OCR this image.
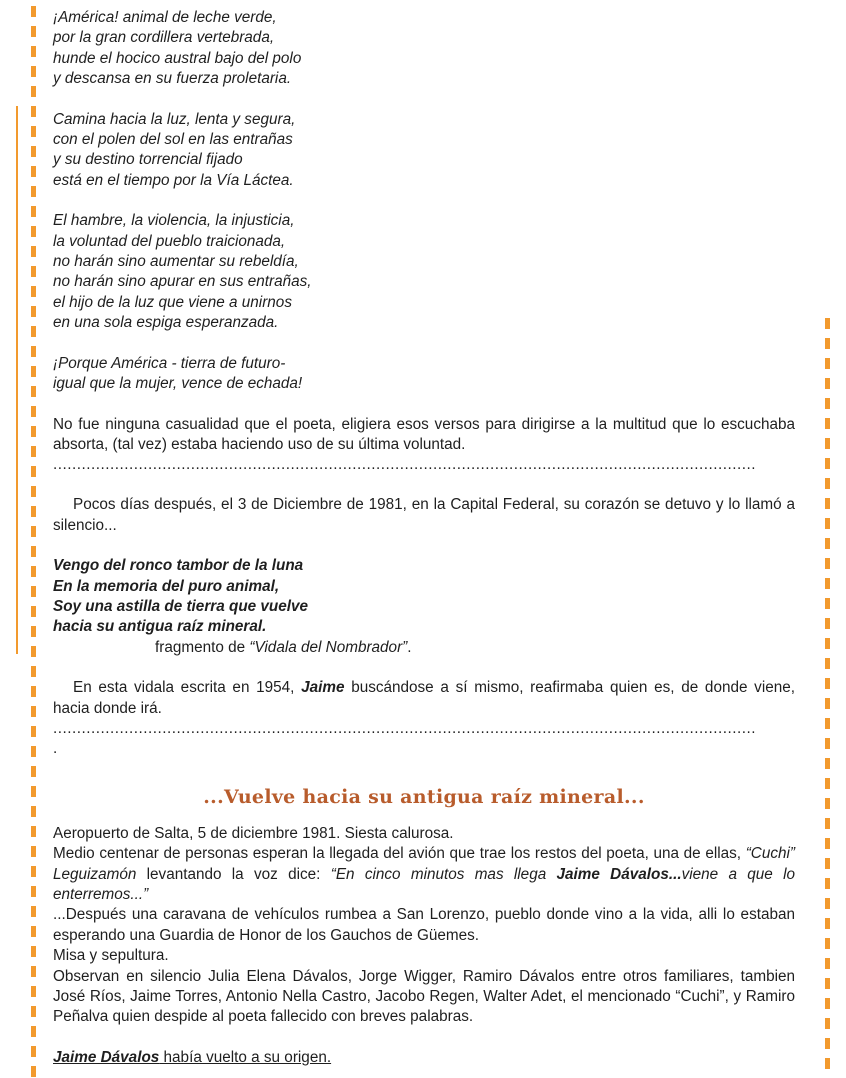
¡América! animal de leche verde,
por la gran cordillera vertebrada,
hunde el hocico austral bajo del polo
y descansa en su fuerza proletaria.
Camina hacia la luz, lenta y segura,
con el polen del sol en las entrañas
y su destino torrencial fijado
está en el tiempo por la Vía Láctea.
El hambre, la violencia, la injusticia,
la voluntad del pueblo traicionada,
no harán sino aumentar su rebeldía,
no harán sino apurar en sus entrañas,
el hijo de la luz que viene a unirnos
en una sola espiga esperanzada.
¡Porque América - tierra de futuro-
igual que la mujer, vence de echada!

No fue ninguna casualidad que el poeta, eligiera esos versos para dirigirse a la multitud que lo escuchaba absorta, (tal vez) estaba haciendo uso de su última voluntad.

....................................................................................................................................................

Pocos días después, el 3 de Diciembre de 1981, en la Capital Federal, su corazón se detuvo y lo llamó a silencio...

Vengo del ronco tambor de la luna
En la memoria del puro animal,
Soy una astilla de tierra que vuelve
hacia su antigua raíz mineral.
fragmento de “Vidala del Nombrador”.

En esta vidala escrita en 1954, Jaime buscándose a sí mismo, reafirmaba quien es, de donde viene, hacia donde irá.

....................................................................................................................................................
.
...Vuelve hacia su antigua raíz mineral...
Aeropuerto de Salta, 5 de diciembre 1981. Siesta calurosa.

Medio centenar de personas esperan la llegada del avión que trae los restos del poeta, una de ellas, “Cuchi” Leguizamón levantando la voz dice: “En cinco minutos mas llega Jaime Dávalos...viene a que lo enterremos...”

...Después una caravana de vehículos rumbea a San Lorenzo, pueblo donde vino a la vida, alli lo estaban esperando una Guardia de Honor de los Gauchos de Güemes.

Misa y sepultura.

Observan en silencio Julia Elena Dávalos, Jorge Wigger, Ramiro Dávalos entre otros familiares, tambien José Ríos, Jaime Torres, Antonio Nella Castro, Jacobo Regen, Walter Adet, el mencionado “Cuchi”, y Ramiro Peñalva quien despide al poeta fallecido con breves palabras.

Jaime Dávalos había vuelto a su origen.
